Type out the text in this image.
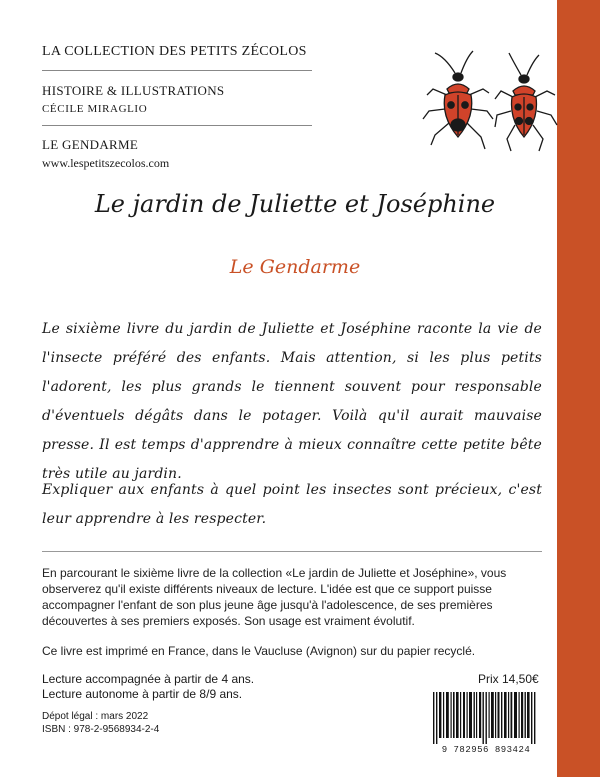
LA COLLECTION DES PETITS ZÉCOLOS

HISTOIRE & ILLUSTRATIONS

CÉCILE MIRAGLIO

LE GENDARME

www.lespetitszecolos.com

Le jardin de Juliette et Joséphine
Le Gendarme

Le sixième livre du jardin de Juliette et Joséphine raconte la vie de l'insecte préféré des enfants. Mais attention, si les plus petits l'adorent, les plus grands le tiennent souvent pour responsable d'éventuels dégâts dans le potager. Voilà qu'il aurait mauvaise presse. Il est temps d'apprendre à mieux connaître cette petite bête très utile au jardin.

Expliquer aux enfants à quel point les insectes sont précieux, c'est leur apprendre à les respecter.

En parcourant le sixième livre de la collection «Le jardin de Juliette et Joséphine», vous observerez qu'il existe différents niveaux de lecture. L'idée est que ce support puisse accompagner l'enfant de son plus jeune âge jusqu'à l'adolescence, de ses premières découvertes à ses premiers exposés. Son usage est vraiment évolutif.

Ce livre est imprimé en France, dans le Vaucluse (Avignon) sur du papier recyclé.

Lecture accompagnée à partir de 4 ans.

Lecture autonome à partir de 8/9 ans.

Dépot légal : mars 2022

ISBN : 978-2-9568934-2-4

Prix 14,50€
9 782956 893424
